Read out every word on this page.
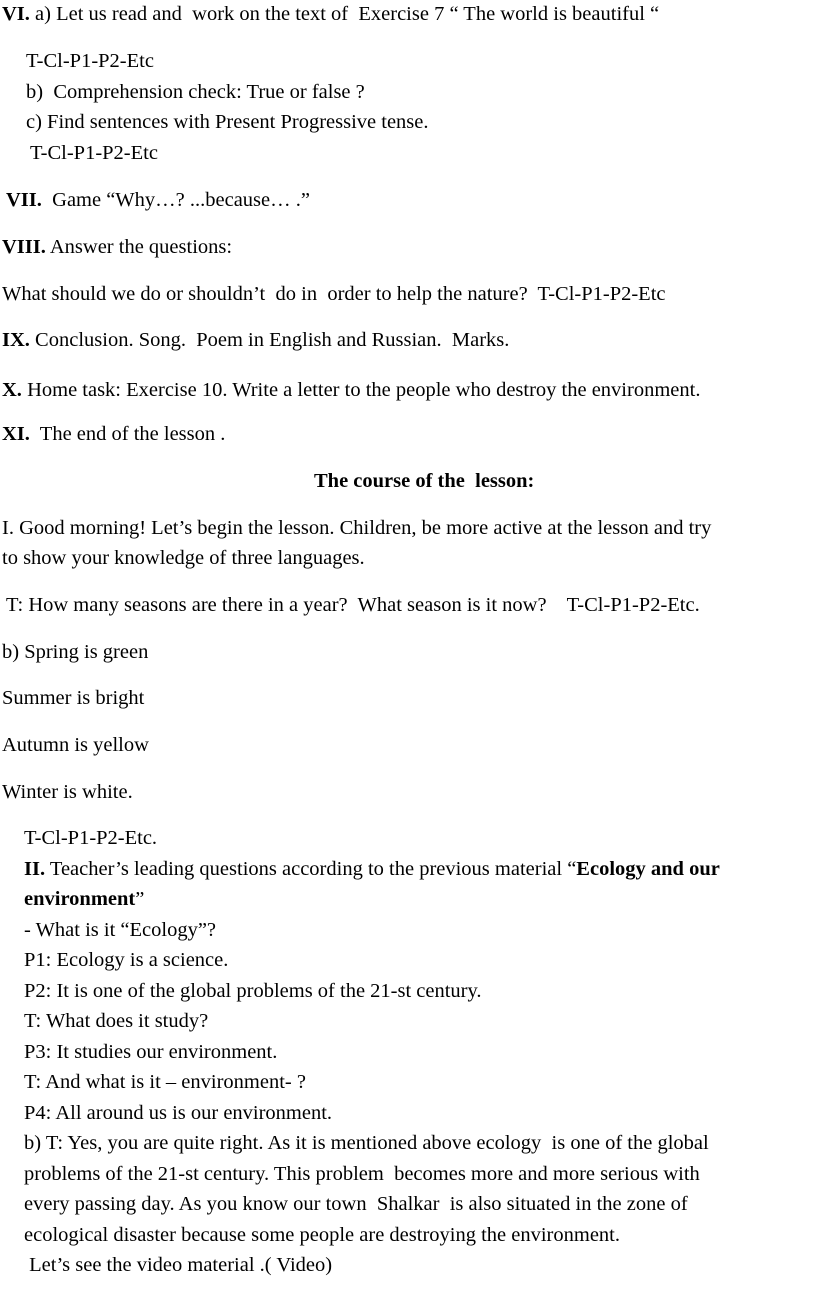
VI. a) Let us read and  work on the text of  Exercise 7 “ The world is beautiful “
T-Cl-P1-P2-Etc
b)  Comprehension check: True or false ?
c) Find sentences with Present Progressive tense.
T-Cl-P1-P2-Etc
VII.  Game “Why…? ...because… .”
VIII. Answer the questions:
What should we do or shouldn’t  do in  order to help the nature?  T-Cl-P1-P2-Etc
IX. Conclusion. Song.  Poem in English and Russian.  Marks.
X. Home task: Exercise 10. Write a letter to the people who destroy the environment.
XI.  The end of the lesson .
The course of the  lesson:
I. Good morning! Let’s begin the lesson. Children, be more active at the lesson and try
to show your knowledge of three languages.
T: How many seasons are there in a year?  What season is it now?    T-Cl-P1-P2-Etc.
b) Spring is green
Summer is bright
Autumn is yellow
Winter is white.
T-Cl-P1-P2-Etc.
II. Teacher’s leading questions according to the previous material “Ecology and our
environment”
- What is it “Ecology”?
P1: Ecology is a science.
P2: It is one of the global problems of the 21-st century.
T: What does it study?
P3: It studies our environment.
T: And what is it – environment- ?
P4: All around us is our environment.
b) T: Yes, you are quite right. As it is mentioned above ecology  is one of the global
problems of the 21-st century. This problem  becomes more and more serious with
every passing day. As you know our town  Shalkar  is also situated in the zone of
ecological disaster because some people are destroying the environment.
Let’s see the video material .( Video)
